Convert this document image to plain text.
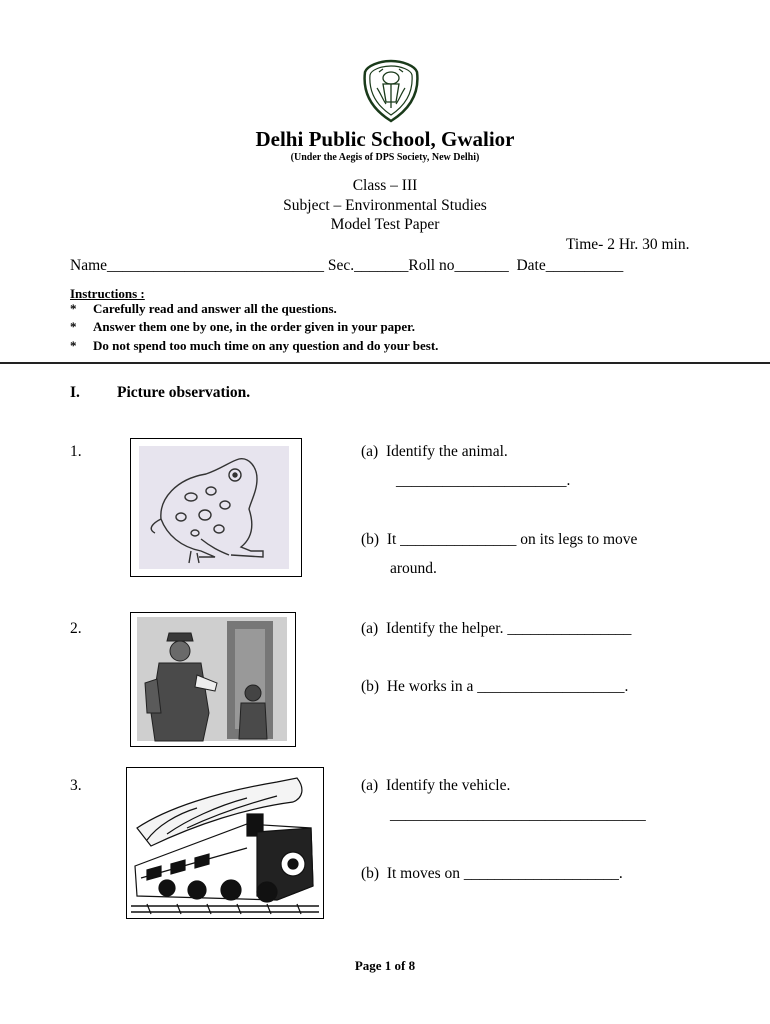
Delhi Public School, Gwalior
(Under the Aegis of DPS Society, New Delhi)
Class – III
Subject – Environmental Studies
Model Test Paper
Time- 2 Hr. 30 min.
Name____________________________ Sec._______Roll no_______  Date__________
Instructions :
* Carefully read and answer all the questions.
* Answer them one by one, in the order given in your paper.
* Do not spend too much time on any question and do your best.
I. Picture observation.
1.	(a)  Identify the animal.
______________________.
(b)  It _______________ on its legs to move
around.
2.	(a)  Identify the helper. ________________
(b)  He works in a ___________________.
3.	(a)  Identify the vehicle.
_________________________________
(b)  It moves on ____________________.
Page 1 of 8
